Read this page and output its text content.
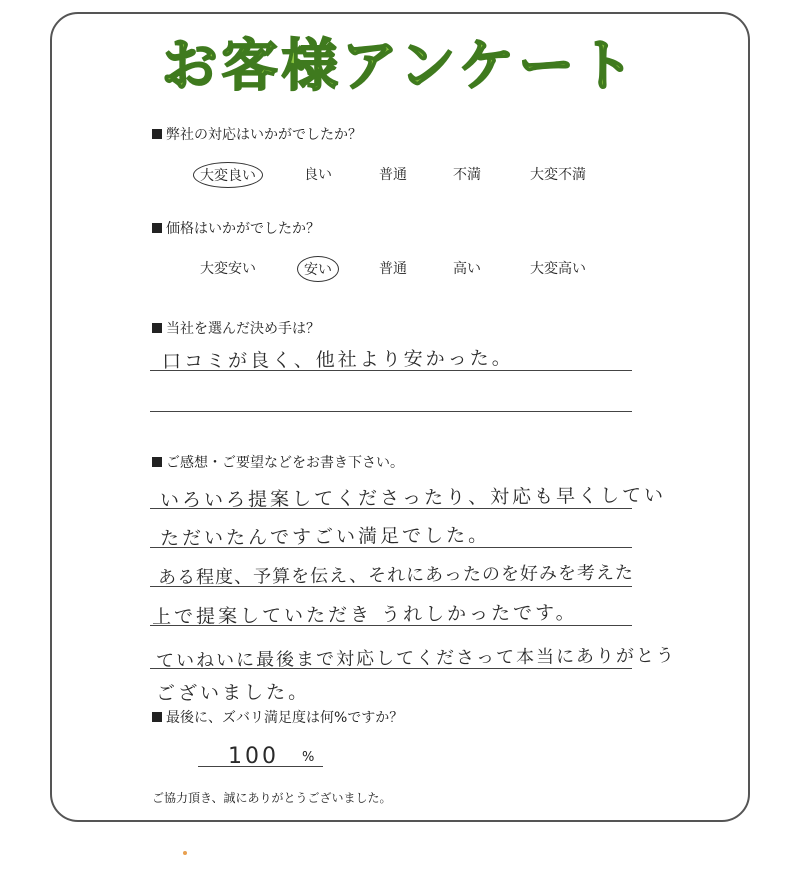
お客様アンケート
弊社の対応はいかがでしたか？
大変良い	良い	普通	不満	大変不満
価格はいかがでしたか？
大変安い	安い	普通	高い	大変高い
当社を選んだ決め手は？
口コミが良く、他社より安かった。
ご感想・ご要望などをお書き下さい。
いろいろ提案してくださったり、対応も早くしてい
ただいたんですごい満足でした。
ある程度、予算を伝え、それにあったのを好みを考えた
上で提案していただき うれしかったです。
ていねいに最後まで対応してくださって本当にありがとう
ございました。
最後に、ズバリ満足度は何%ですか？
100 %
ご協力頂き、誠にありがとうございました。
